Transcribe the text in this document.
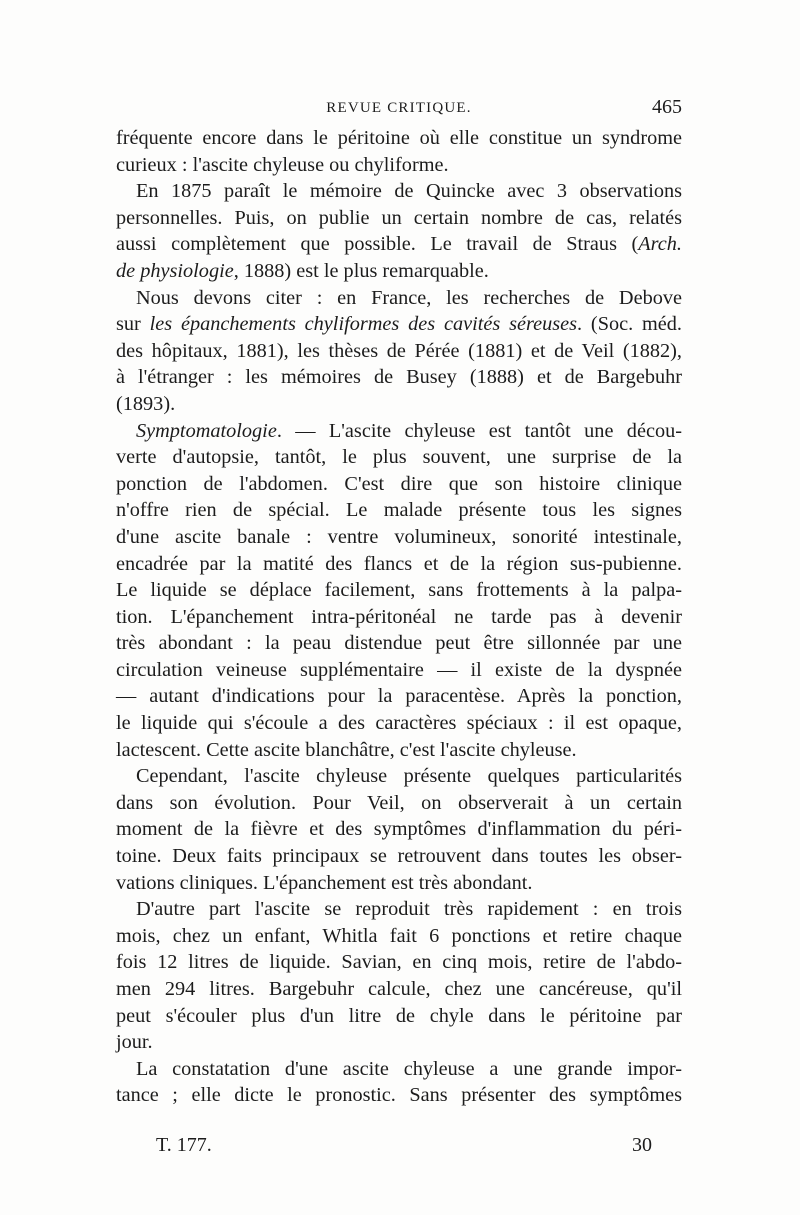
REVUE CRITIQUE.	465
fréquente encore dans le péritoine où elle constitue un syndrome
curieux : l'ascite chyleuse ou chyliforme.
En 1875 paraît le mémoire de Quincke avec 3 observations
personnelles. Puis, on publie un certain nombre de cas, relatés
aussi complètement que possible. Le travail de Straus (Arch.
de physiologie, 1888) est le plus remarquable.
Nous devons citer : en France, les recherches de Debove
sur les épanchements chyliformes des cavités séreuses. (Soc. méd.
des hôpitaux, 1881), les thèses de Pérée (1881) et de Veil (1882),
à l'étranger : les mémoires de Busey (1888) et de Bargebuhr
(1893).
Symptomatologie. — L'ascite chyleuse est tantôt une décou-
verte d'autopsie, tantôt, le plus souvent, une surprise de la
ponction de l'abdomen. C'est dire que son histoire clinique
n'offre rien de spécial. Le malade présente tous les signes
d'une ascite banale : ventre volumineux, sonorité intestinale,
encadrée par la matité des flancs et de la région sus-pubienne.
Le liquide se déplace facilement, sans frottements à la palpa-
tion. L'épanchement intra-péritonéal ne tarde pas à devenir
très abondant : la peau distendue peut être sillonnée par une
circulation veineuse supplémentaire — il existe de la dyspnée
— autant d'indications pour la paracentèse. Après la ponction,
le liquide qui s'écoule a des caractères spéciaux : il est opaque,
lactescent. Cette ascite blanchâtre, c'est l'ascite chyleuse.
Cependant, l'ascite chyleuse présente quelques particularités
dans son évolution. Pour Veil, on observerait à un certain
moment de la fièvre et des symptômes d'inflammation du péri-
toine. Deux faits principaux se retrouvent dans toutes les obser-
vations cliniques. L'épanchement est très abondant.
D'autre part l'ascite se reproduit très rapidement : en trois
mois, chez un enfant, Whitla fait 6 ponctions et retire chaque
fois 12 litres de liquide. Savian, en cinq mois, retire de l'abdo-
men 294 litres. Bargebuhr calcule, chez une cancéreuse, qu'il
peut s'écouler plus d'un litre de chyle dans le péritoine par
jour.
La constatation d'une ascite chyleuse a une grande impor-
tance ; elle dicte le pronostic. Sans présenter des symptômes
T. 177.	30
